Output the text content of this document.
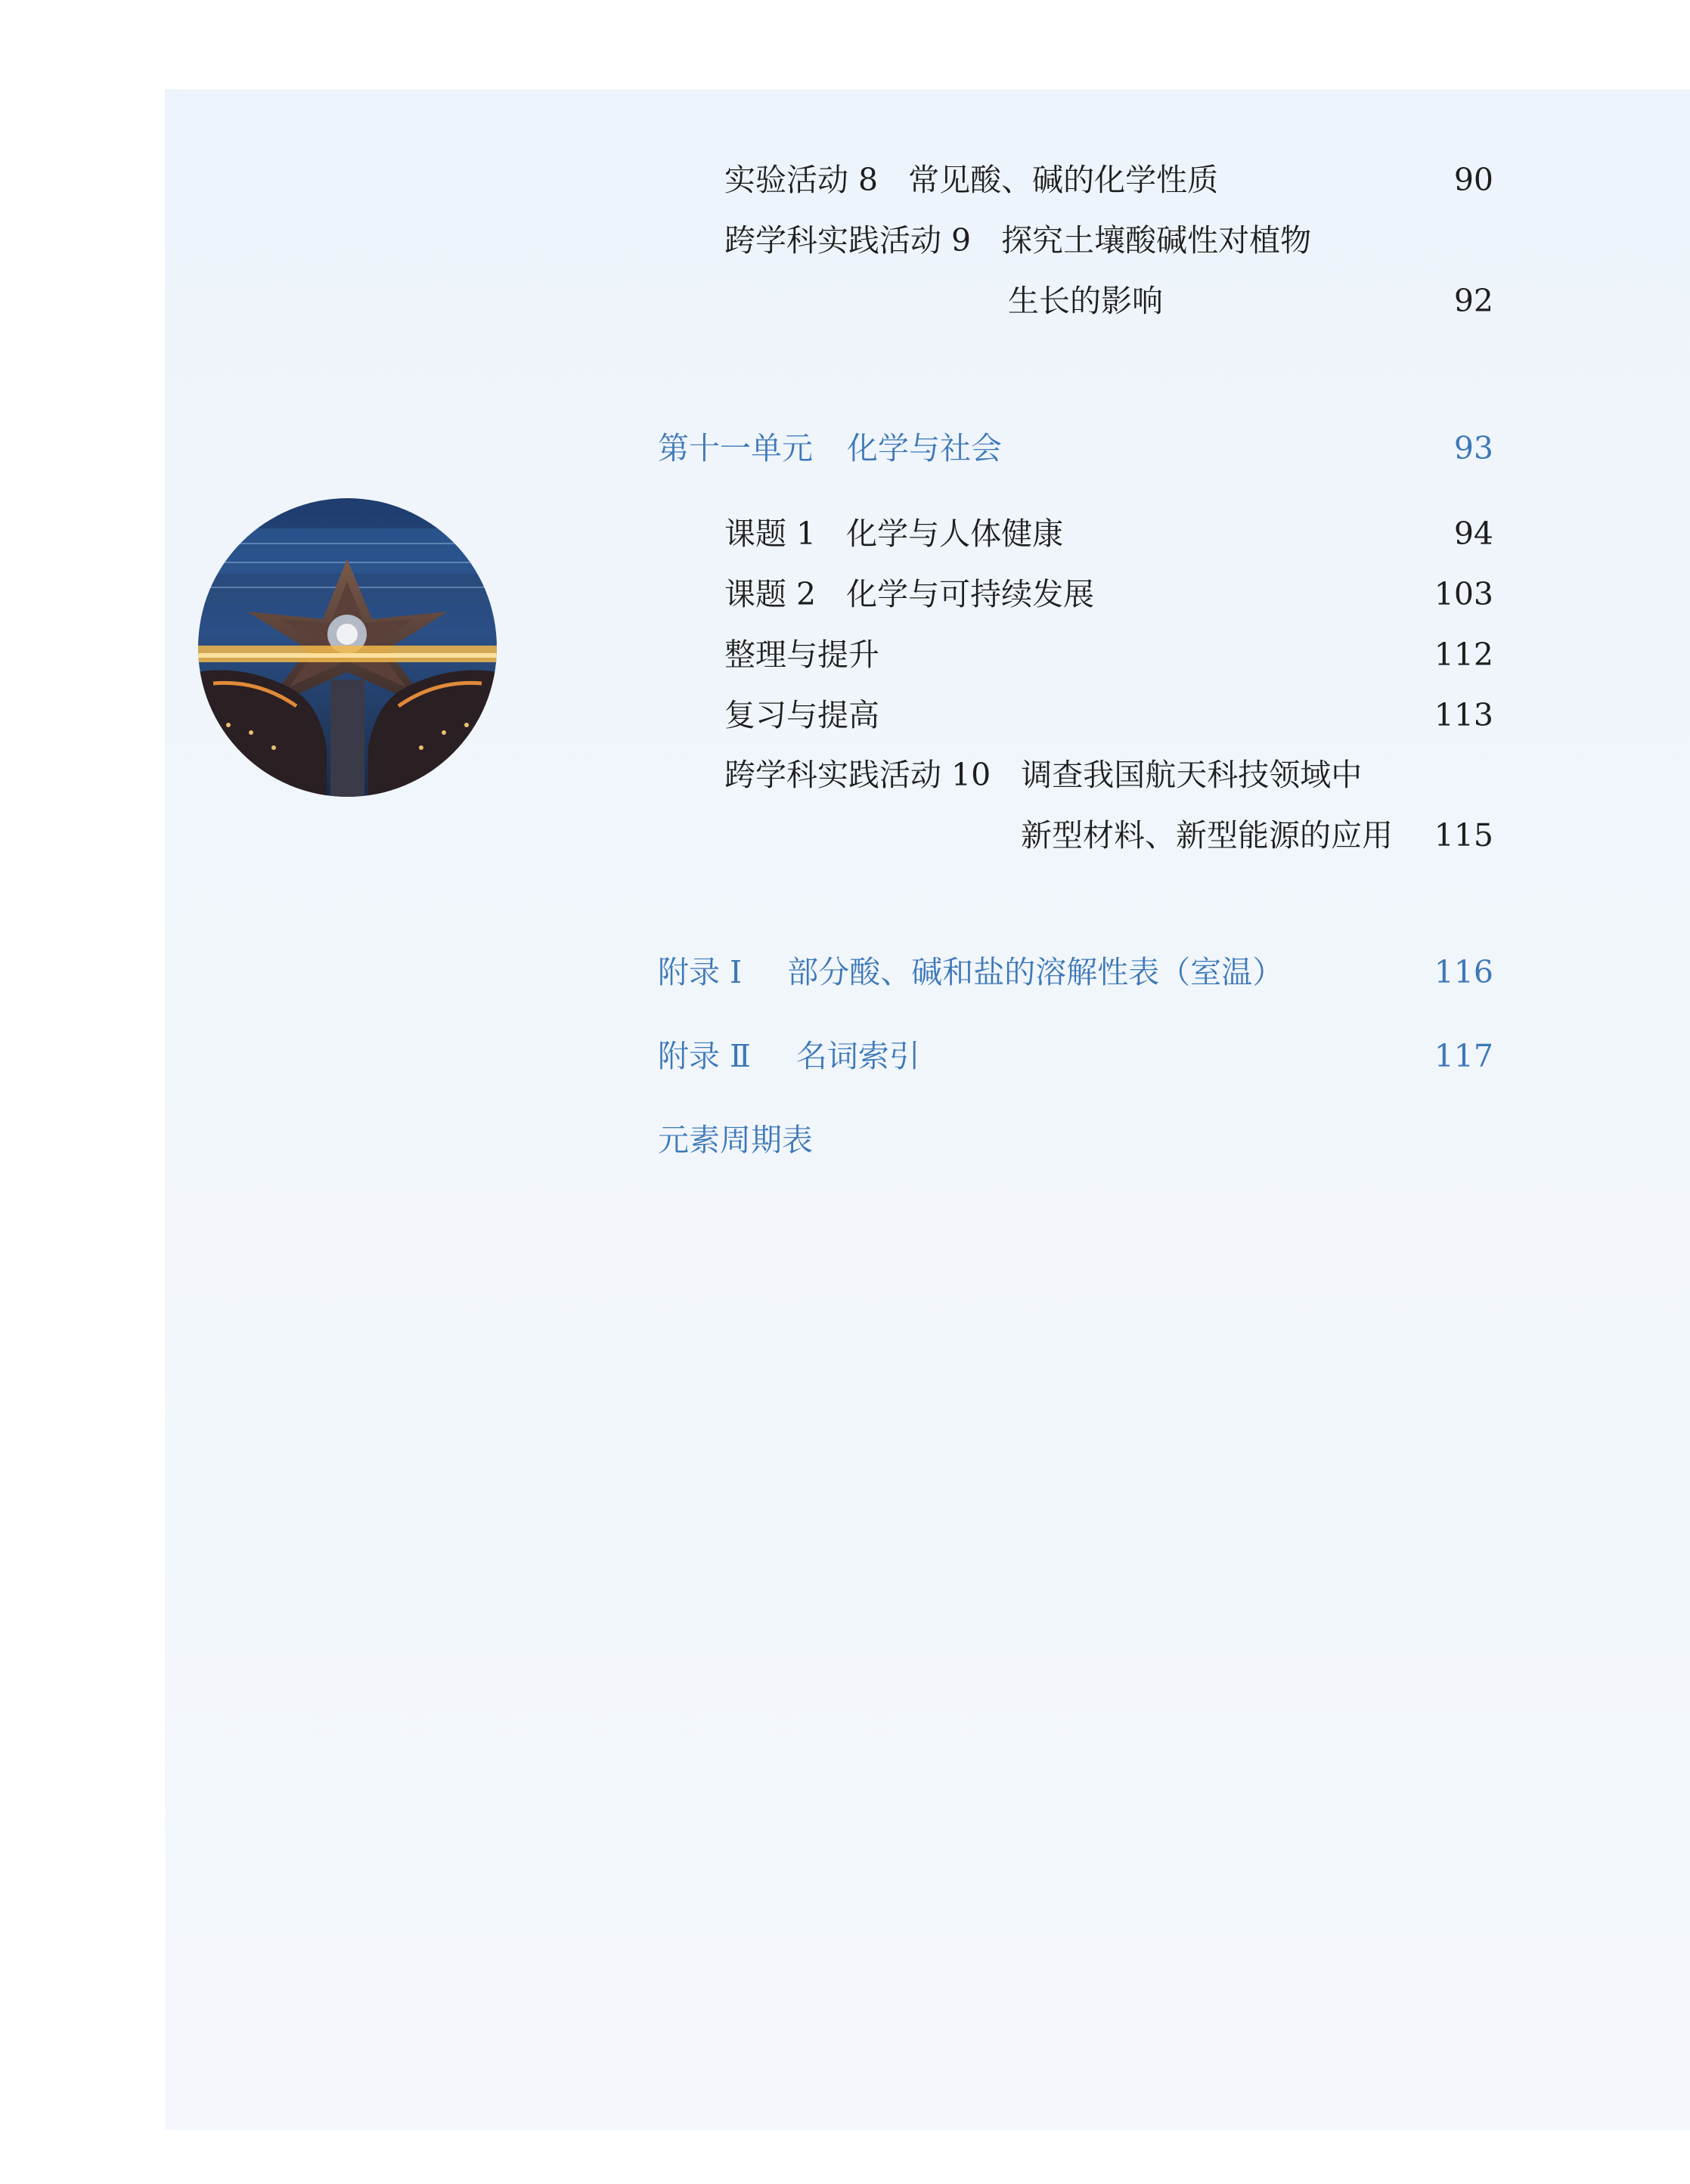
实验活动 8 常见酸、碱的化学性质	90
跨学科实践活动 9 探究土壤酸碱性对植物
生长的影响	92
第十一单元 化学与社会	93
课题 1 化学与人体健康	94
课题 2 化学与可持续发展	103
整理与提升	112
复习与提高	113
跨学科实践活动 10 调查我国航天科技领域中
新型材料、新型能源的应用	115
附录 Ⅰ 部分酸、碱和盐的溶解性表（室温）	116
附录 Ⅱ 名词索引	117
元素周期表
